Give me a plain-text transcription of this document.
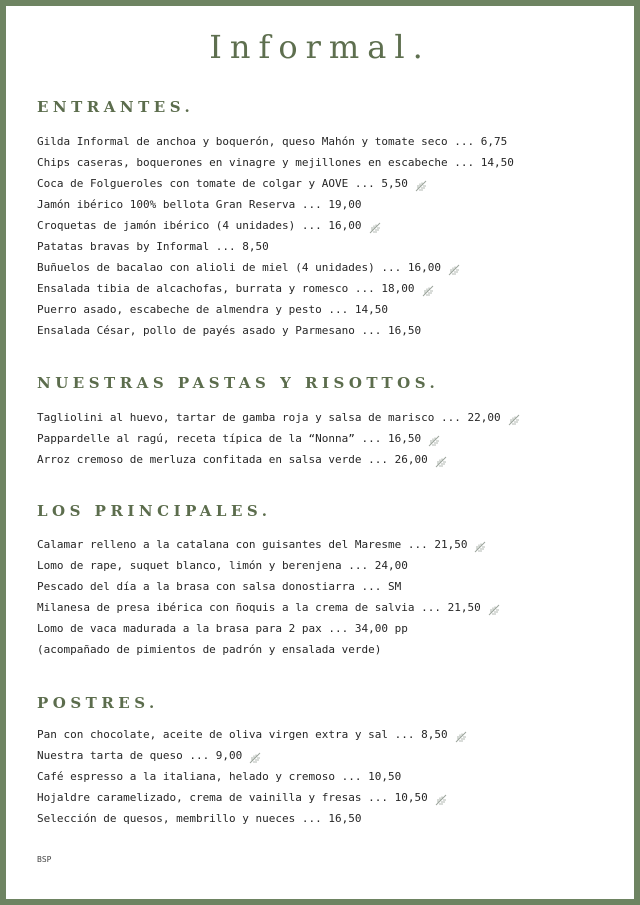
Informal.
ENTRANTES.
Gilda Informal de anchoa y boquerón, queso Mahón y tomate seco ... 6,75
Chips caseras, boquerones en vinagre y mejillones en escabeche ... 14,50
Coca de Folgueroles con tomate de colgar y AOVE ... 5,50
Jamón ibérico 100% bellota Gran Reserva ... 19,00
Croquetas de jamón ibérico (4 unidades) ... 16,00
Patatas bravas by Informal ... 8,50
Buñuelos de bacalao con alioli de miel (4 unidades) ... 16,00
Ensalada tibia de alcachofas, burrata y romesco ... 18,00
Puerro asado, escabeche de almendra y pesto ... 14,50
Ensalada César, pollo de payés asado y Parmesano ... 16,50
NUESTRAS PASTAS Y RISOTTOS.
Tagliolini al huevo, tartar de gamba roja y salsa de marisco ... 22,00
Pappardelle al ragú, receta típica de la “Nonna” ... 16,50
Arroz cremoso de merluza confitada en salsa verde ... 26,00
LOS PRINCIPALES.
Calamar relleno a la catalana con guisantes del Maresme ... 21,50
Lomo de rape, suquet blanco, limón y berenjena ... 24,00
Pescado del día a la brasa con salsa donostiarra ... SM
Milanesa de presa ibérica con ñoquis a la crema de salvia ... 21,50
Lomo de vaca madurada a la brasa para 2 pax ... 34,00 pp
(acompañado de pimientos de padrón y ensalada verde)
POSTRES.
Pan con chocolate, aceite de oliva virgen extra y sal ... 8,50
Nuestra tarta de queso ... 9,00
Café espresso a la italiana, helado y cremoso ... 10,50
Hojaldre caramelizado, crema de vainilla y fresas ... 10,50
Selección de quesos, membrillo y nueces ... 16,50
BSP
